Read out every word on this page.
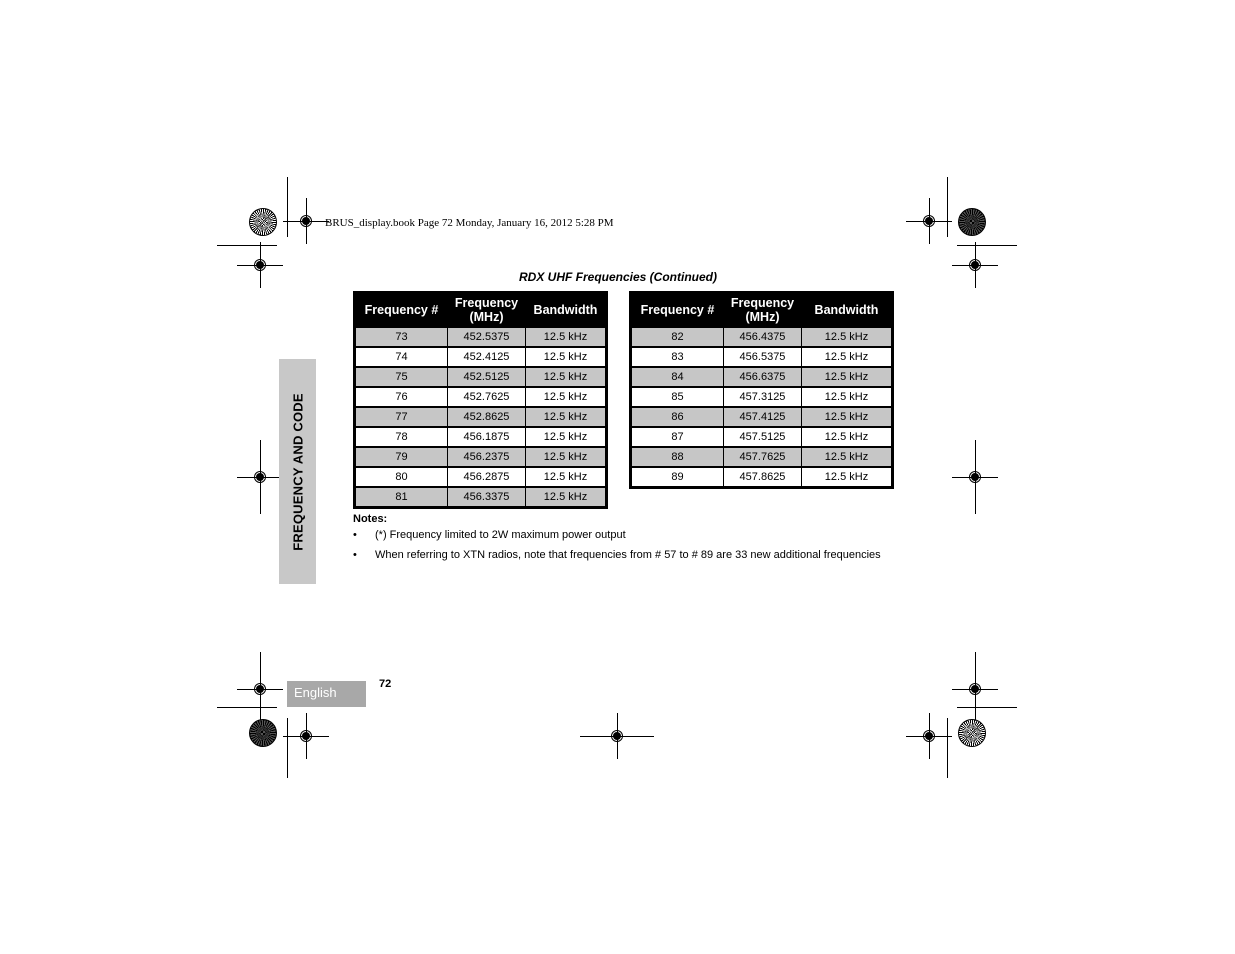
BRUS_display.book Page 72 Monday, January 16, 2012 5:28 PM
RDX UHF Frequencies (Continued)
FREQUENCY AND CODE
Frequency #	Frequency (MHz)	Bandwidth
73	452.5375	12.5 kHz
74	452.4125	12.5 kHz
75	452.5125	12.5 kHz
76	452.7625	12.5 kHz
77	452.8625	12.5 kHz
78	456.1875	12.5 kHz
79	456.2375	12.5 kHz
80	456.2875	12.5 kHz
81	456.3375	12.5 kHz
Frequency #	Frequency (MHz)	Bandwidth
82	456.4375	12.5 kHz
83	456.5375	12.5 kHz
84	456.6375	12.5 kHz
85	457.3125	12.5 kHz
86	457.4125	12.5 kHz
87	457.5125	12.5 kHz
88	457.7625	12.5 kHz
89	457.8625	12.5 kHz
Notes:
• (*) Frequency limited to 2W maximum power output
• When referring to XTN radios, note that frequencies from # 57 to # 89 are 33 new additional frequencies
English
72
